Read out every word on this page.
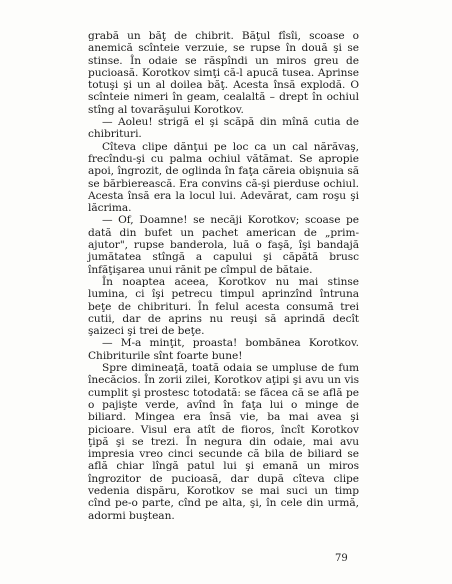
grabă un băţ de chibrit. Băţul fîsîi, scoase o anemică scînteie verzuie, se rupse în două şi se stinse. În odaie se răspîndi un miros greu de pucioasă. Korotkov simţi că-l apucă tusea. Aprinse totuşi şi un al doilea băţ. Acesta însă explodă. O scînteie nimeri în geam, cealaltă – drept în ochiul stîng al tovarăşului Korotkov.

— Aoleu! strigă el şi scăpă din mînă cutia de chibrituri.

Cîteva clipe dănţui pe loc ca un cal nărăvaş, frecîndu-şi cu palma ochiul vătămat. Se apropie apoi, îngrozit, de oglinda în faţa căreia obişnuia să se bărbierească. Era convins că-şi pierduse ochiul. Acesta însă era la locul lui. Adevărat, cam roşu şi lăcrima.

— Of, Doamne! se necăji Korotkov; scoase pe dată din bufet un pachet american de „prim-ajutor", rupse banderola, luă o faşă, îşi bandajă jumătatea stîngă a capului şi căpătă brusc înfăţişarea unui rănit pe cîmpul de bătaie.

În noaptea aceea, Korotkov nu mai stinse lumina, ci îşi petrecu timpul aprinzînd întruna beţe de chibrituri. În felul acesta consumă trei cutii, dar de aprins nu reuşi să aprindă decît şaizeci şi trei de beţe.

— M-a minţit, proasta! bombănea Korotkov. Chibriturile sînt foarte bune!

Spre dimineaţă, toată odaia se umpluse de fum înecăcios. În zorii zilei, Korotkov aţipi şi avu un vis cumplit şi prostesc totodată: se făcea că se află pe o pajişte verde, avînd în faţa lui o minge de biliard. Mingea era însă vie, ba mai avea şi picioare. Visul era atît de fioros, încît Korotkov ţipă şi se trezi. În negura din odaie, mai avu impresia vreo cinci secunde că bila de biliard se află chiar lîngă patul lui şi emană un miros îngrozitor de pucioasă, dar după cîteva clipe vedenia dispăru, Korotkov se mai suci un timp cînd pe-o parte, cînd pe alta, şi, în cele din urmă, adormi buştean.

79
